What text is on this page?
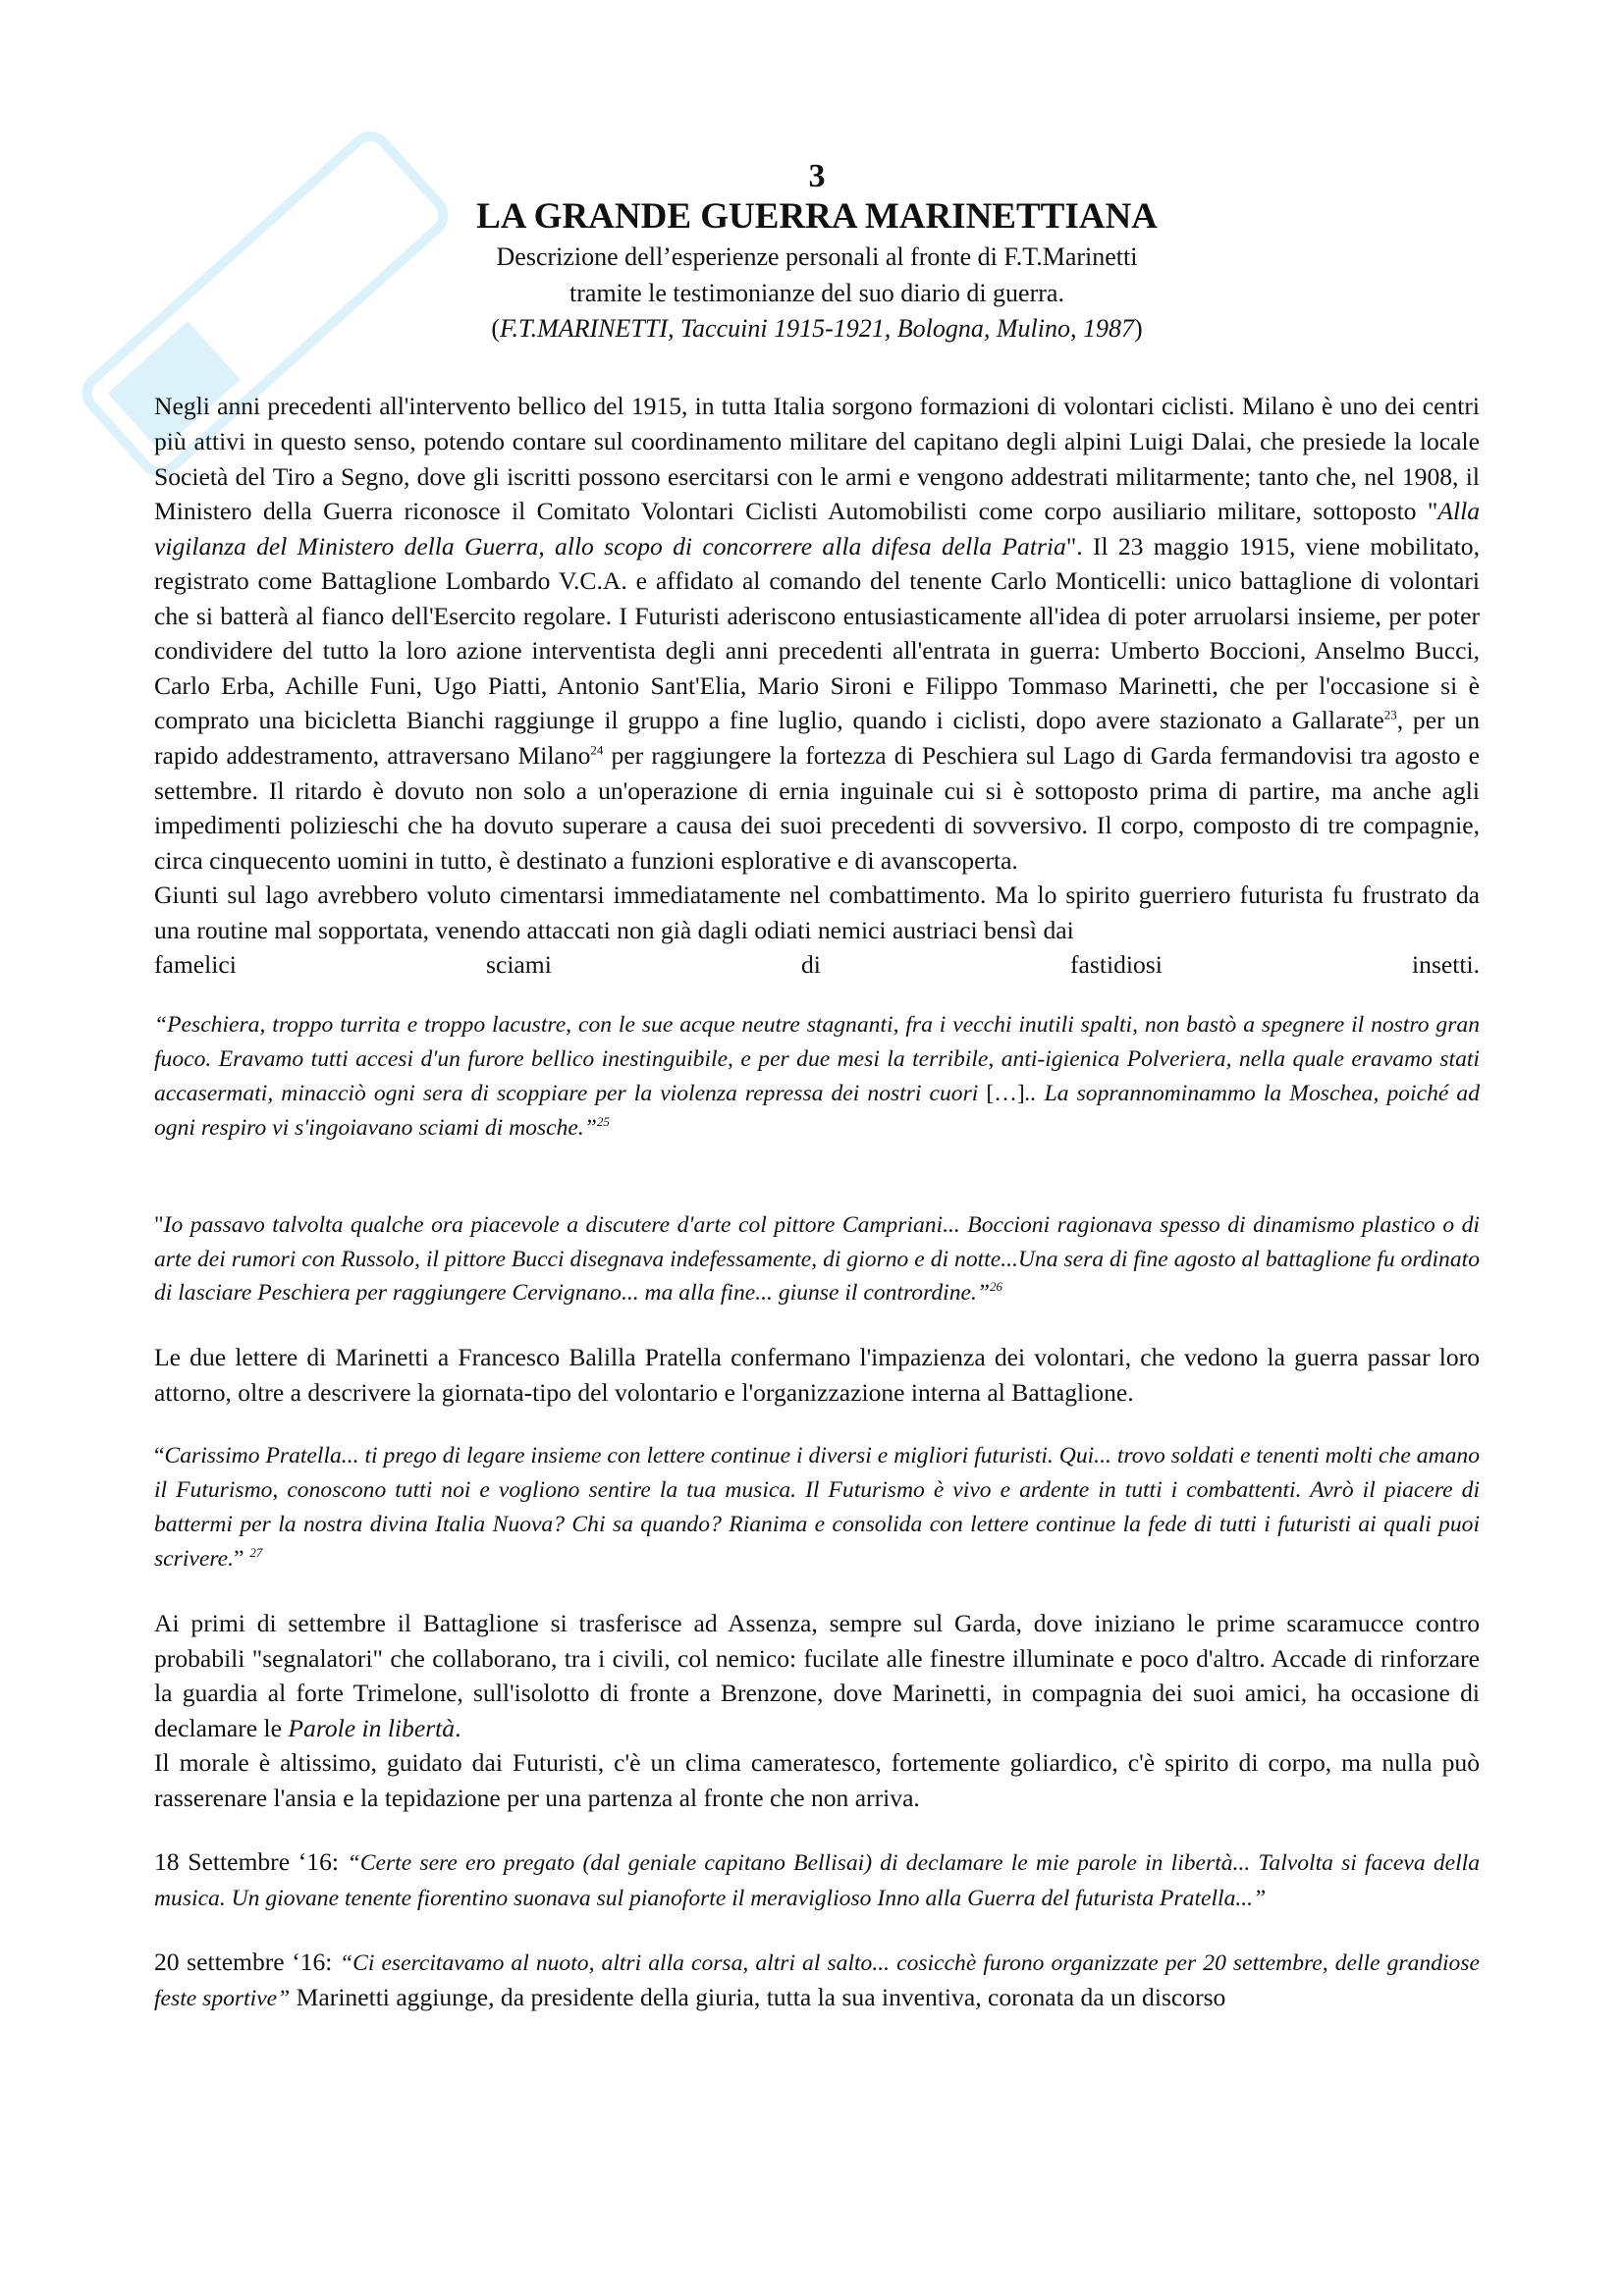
3

LA GRANDE GUERRA MARINETTIANA

Descrizione dell’esperienze personali al fronte di F.T.Marinetti

tramite le testimonianze del suo diario di guerra.

(F.T.MARINETTI, Taccuini 1915-1921, Bologna, Mulino, 1987)

Negli anni precedenti all'intervento bellico del 1915, in tutta Italia sorgono formazioni di volontari ciclisti. Milano è uno dei centri più attivi in questo senso, potendo contare sul coordinamento militare del capitano degli alpini Luigi Dalai, che presiede la locale Società del Tiro a Segno, dove gli iscritti possono esercitarsi con le armi e vengono addestrati militarmente; tanto che, nel 1908, il Ministero della Guerra riconosce il Comitato Volontari Ciclisti Automobilisti come corpo ausiliario militare, sottoposto "Alla vigilanza del Ministero della Guerra, allo scopo di concorrere alla difesa della Patria". Il 23 maggio 1915, viene mobilitato, registrato come Battaglione Lombardo V.C.A. e affidato al comando del tenente Carlo Monticelli: unico battaglione di volontari che si batterà al fianco dell'Esercito regolare. I Futuristi aderiscono entusiasticamente all'idea di poter arruolarsi insieme, per poter condividere del tutto la loro azione interventista degli anni precedenti all'entrata in guerra: Umberto Boccioni, Anselmo Bucci, Carlo Erba, Achille Funi, Ugo Piatti, Antonio Sant'Elia, Mario Sironi e Filippo Tommaso Marinetti, che per l'occasione si è comprato una bicicletta Bianchi raggiunge il gruppo a fine luglio, quando i ciclisti, dopo avere stazionato a Gallarate$^{23}$, per un rapido addestramento, attraversano Milano$^{24}$ per raggiungere la fortezza di Peschiera sul Lago di Garda fermandovisi tra agosto e settembre. Il ritardo è dovuto non solo a un'operazione di ernia inguinale cui si è sottoposto prima di partire, ma anche agli impedimenti polizieschi che ha dovuto superare a causa dei suoi precedenti di sovversivo. Il corpo, composto di tre compagnie, circa cinquecento uomini in tutto, è destinato a funzioni esplorative e di avanscoperta.

Giunti sul lago avrebbero voluto cimentarsi immediatamente nel combattimento. Ma lo spirito guerriero futurista fu frustrato da una routine mal sopportata, venendo attaccati non già dagli odiati nemici austriaci bensì dai

famelici sciami di fastidiosi insetti.

“Peschiera, troppo turrita e troppo lacustre, con le sue acque neutre stagnanti, fra i vecchi inutili spalti, non bastò a spegnere il nostro gran fuoco. Eravamo tutti accesi d'un furore bellico inestinguibile, e per due mesi la terribile, anti-igienica Polveriera, nella quale eravamo stati accasermati, minacciò ogni sera di scoppiare per la violenza repressa dei nostri cuori […].. La soprannominammo la Moschea, poiché ad ogni respiro vi s'ingoiavano sciami di mosche.”$^{25}$

"Io passavo talvolta qualche ora piacevole a discutere d'arte col pittore Campriani... Boccioni ragionava spesso di dinamismo plastico o di arte dei rumori con Russolo, il pittore Bucci disegnava indefessamente, di giorno e di notte...Una sera di fine agosto al battaglione fu ordinato di lasciare Peschiera per raggiungere Cervignano... ma alla fine... giunse il contrordine.”$^{26}$

Le due lettere di Marinetti a Francesco Balilla Pratella confermano l'impazienza dei volontari, che vedono la guerra passar loro attorno, oltre a descrivere la giornata-tipo del volontario e l'organizzazione interna al Battaglione.

“Carissimo Pratella... ti prego di legare insieme con lettere continue i diversi e migliori futuristi. Qui... trovo soldati e tenenti molti che amano il Futurismo, conoscono tutti noi e vogliono sentire la tua musica. Il Futurismo è vivo e ardente in tutti i combattenti. Avrò il piacere di battermi per la nostra divina Italia Nuova? Chi sa quando? Rianima e consolida con lettere continue la fede di tutti i futuristi ai quali puoi scrivere.” $^{27}$

Ai primi di settembre il Battaglione si trasferisce ad Assenza, sempre sul Garda, dove iniziano le prime scaramucce contro probabili "segnalatori" che collaborano, tra i civili, col nemico: fucilate alle finestre illuminate e poco d'altro. Accade di rinforzare la guardia al forte Trimelone, sull'isolotto di fronte a Brenzone, dove Marinetti, in compagnia dei suoi amici, ha occasione di declamare le Parole in libertà.

Il morale è altissimo, guidato dai Futuristi, c'è un clima cameratesco, fortemente goliardico, c'è spirito di corpo, ma nulla può rasserenare l'ansia e la tepidazione per una partenza al fronte che non arriva.

18 Settembre ‘16: “Certe sere ero pregato (dal geniale capitano Bellisai) di declamare le mie parole in libertà... Talvolta si faceva della musica. Un giovane tenente fiorentino suonava sul pianoforte il meraviglioso Inno alla Guerra del futurista Pratella...”

20 settembre ‘16: “Ci esercitavamo al nuoto, altri alla corsa, altri al salto... cosicchè furono organizzate per 20 settembre, delle grandiose feste sportive” Marinetti aggiunge, da presidente della giuria, tutta la sua inventiva, coronata da un discorso
